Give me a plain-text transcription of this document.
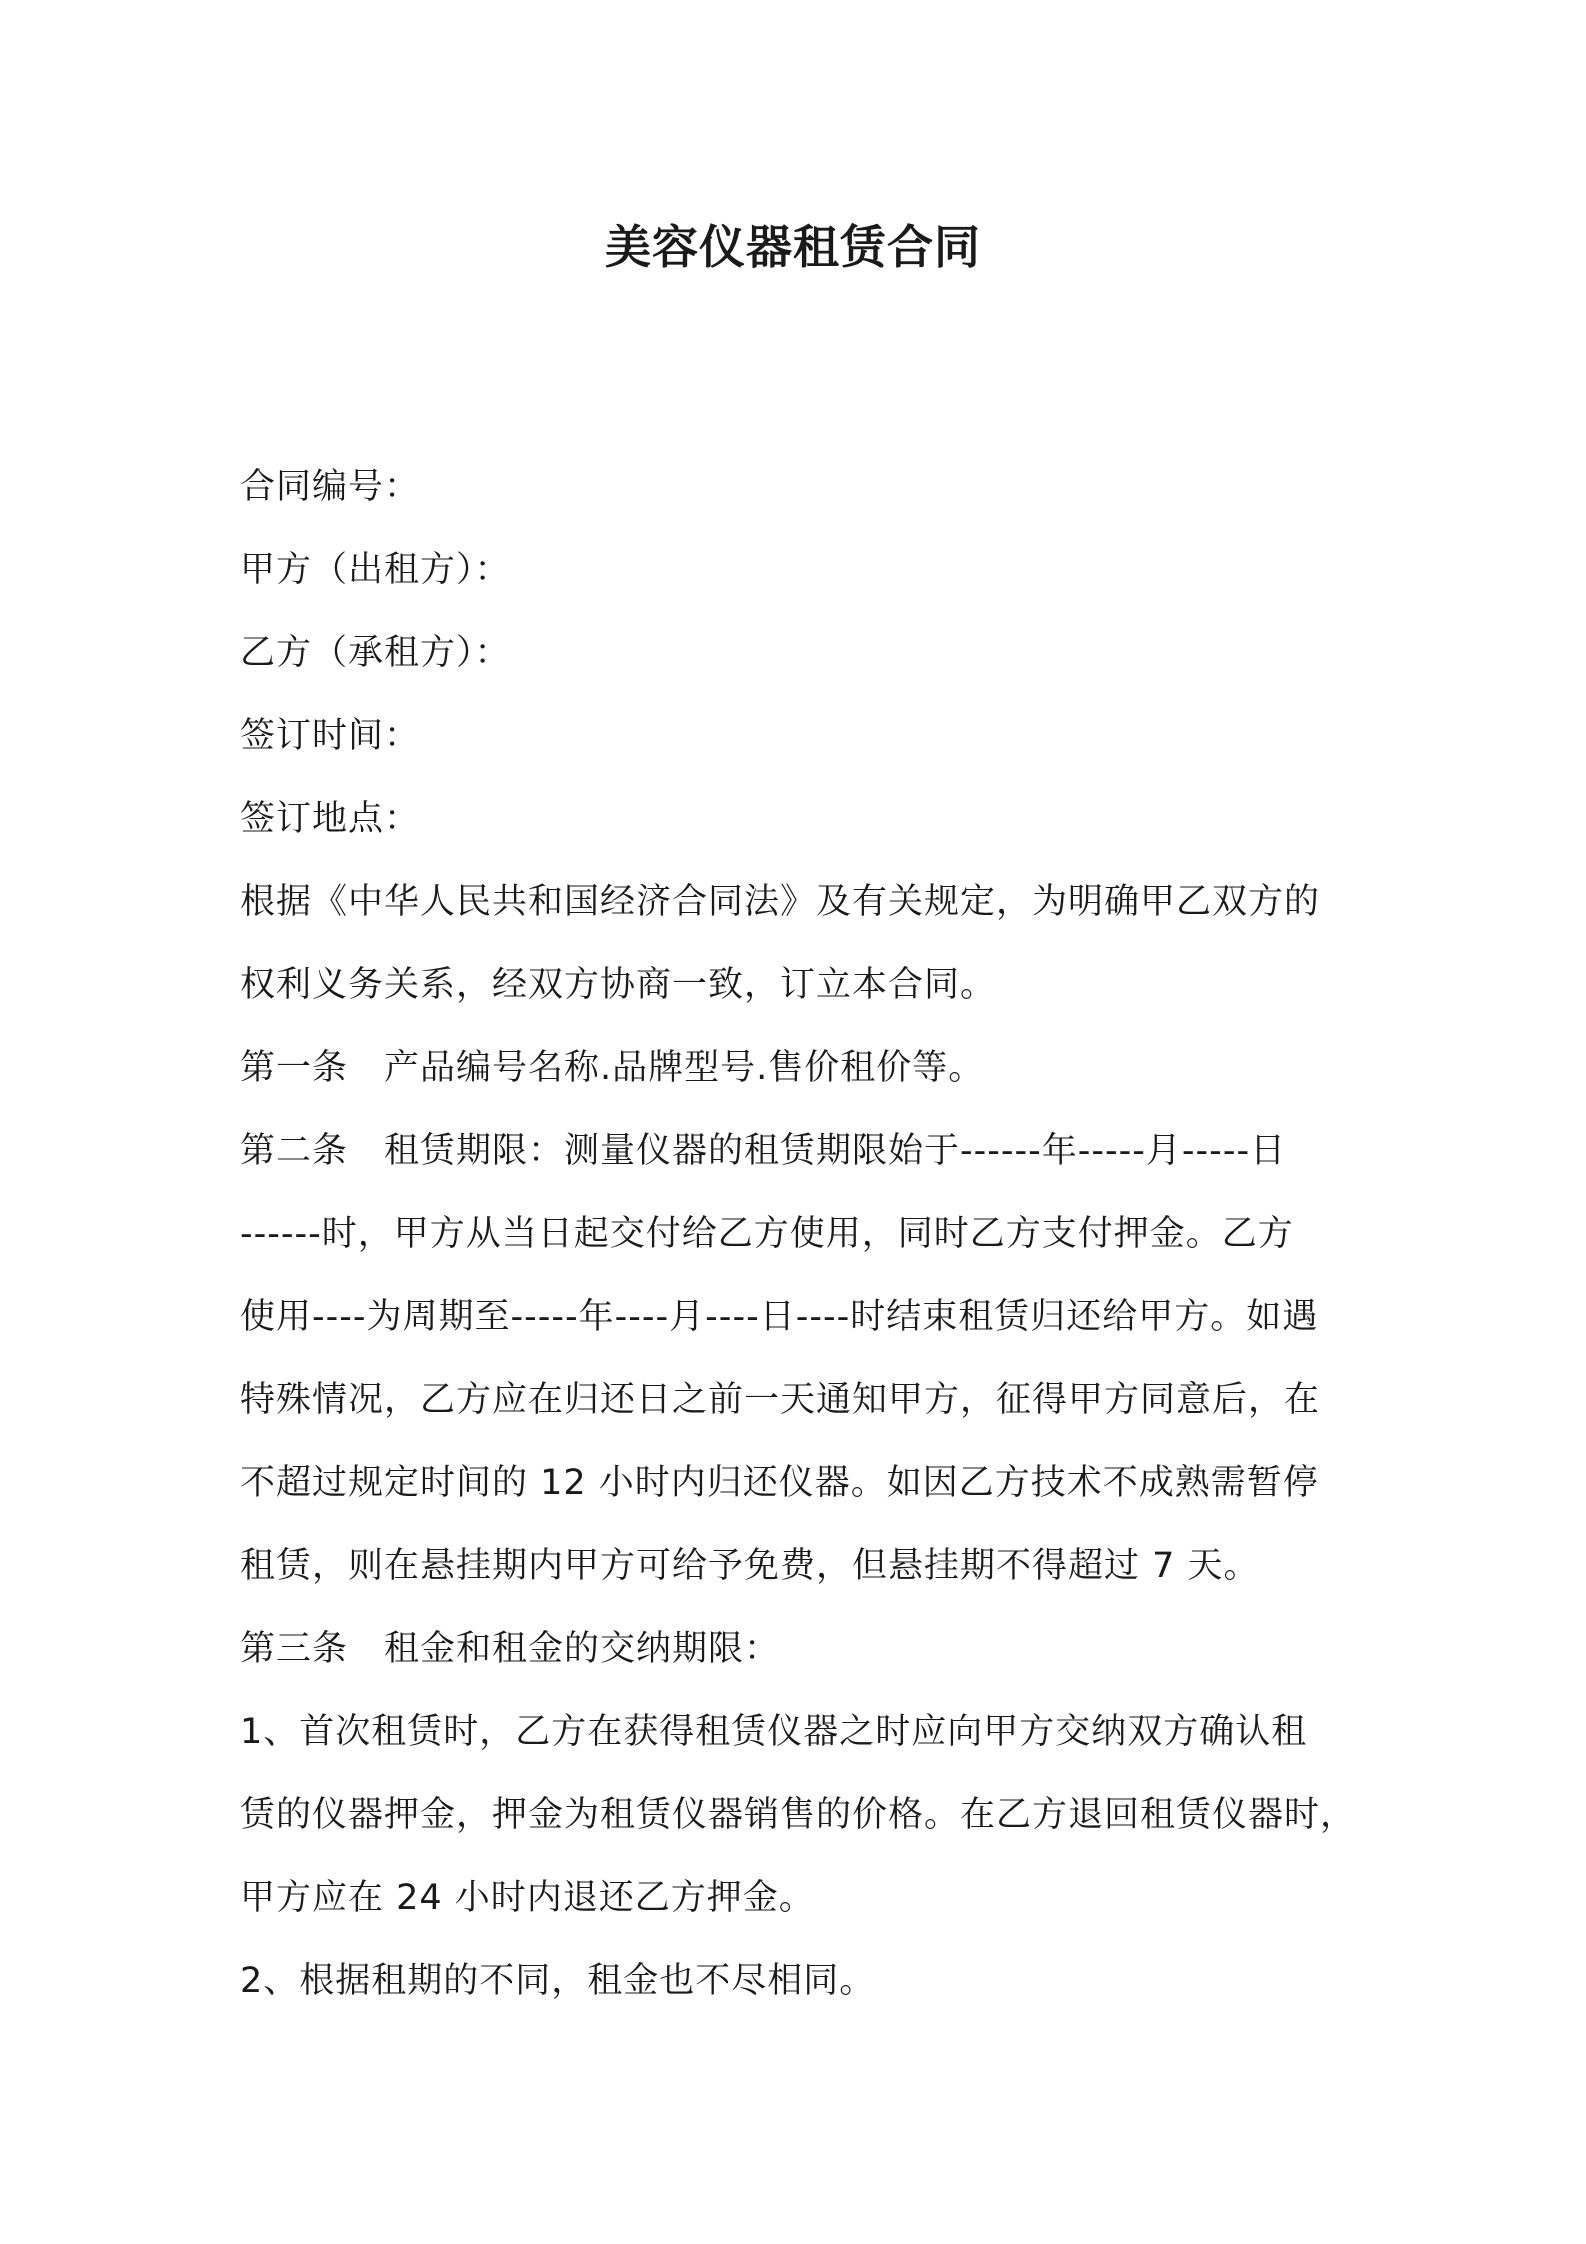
美容仪器租赁合同

合同编号：

甲方（出租方）：

乙方（承租方）：

签订时间：

签订地点：

根据《中华人民共和国经济合同法》及有关规定，为明确甲乙双方的

权利义务关系，经双方协商一致，订立本合同。

第一条　产品编号名称.品牌型号.售价租价等。

第二条　租赁期限：测量仪器的租赁期限始于------年-----月-----日

------时，甲方从当日起交付给乙方使用，同时乙方支付押金。乙方

使用----为周期至-----年----月----日----时结束租赁归还给甲方。如遇

特殊情况，乙方应在归还日之前一天通知甲方，征得甲方同意后，在

不超过规定时间的 12 小时内归还仪器。如因乙方技术不成熟需暂停

租赁，则在悬挂期内甲方可给予免费，但悬挂期不得超过 7 天。

第三条　租金和租金的交纳期限：

1、首次租赁时，乙方在获得租赁仪器之时应向甲方交纳双方确认租

赁的仪器押金，押金为租赁仪器销售的价格。在乙方退回租赁仪器时，

甲方应在 24 小时内退还乙方押金。

2、根据租期的不同，租金也不尽相同。
